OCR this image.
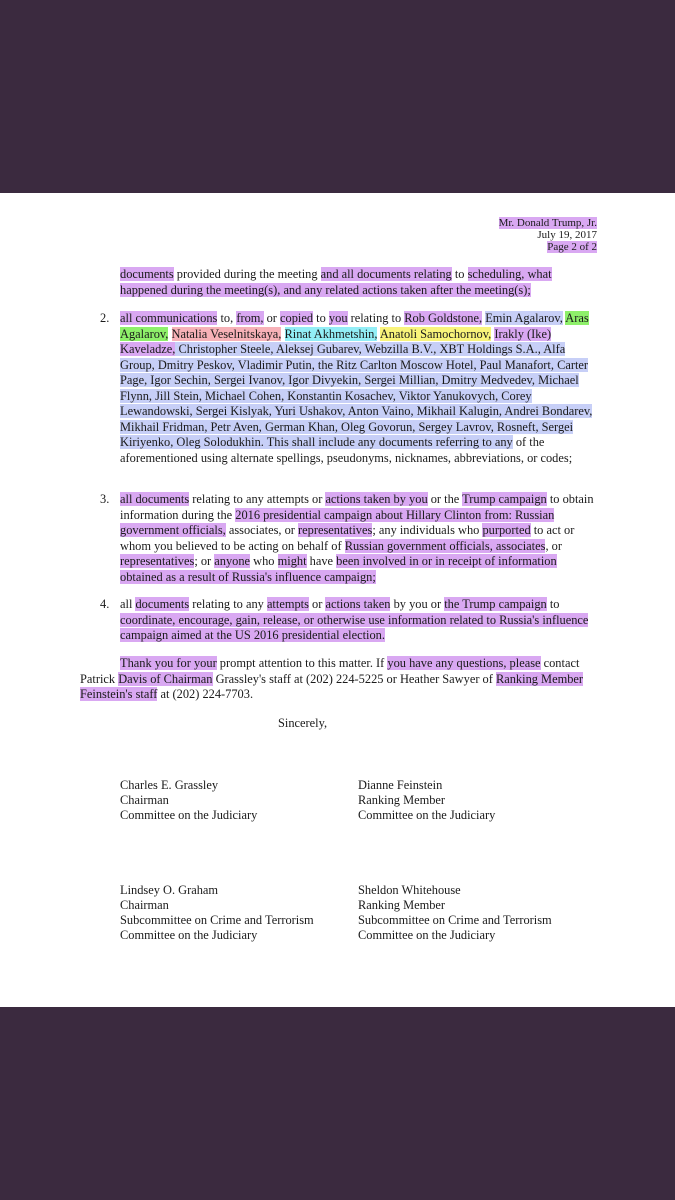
Mr. Donald Trump, Jr.
July 19, 2017
Page 2 of 2
documents provided during the meeting and all documents relating to scheduling, what happened during the meeting(s), and any related actions taken after the meeting(s);
2. all communications to, from, or copied to you relating to Rob Goldstone, Emin Agalarov, Aras Agalarov, Natalia Veselnitskaya, Rinat Akhmetshin, Anatoli Samochornov, Irakly (Ike) Kaveladze, Christopher Steele, Aleksej Gubarev, Webzilla B.V., XBT Holdings S.A., Alfa Group, Dmitry Peskov, Vladimir Putin, the Ritz Carlton Moscow Hotel, Paul Manafort, Carter Page, Igor Sechin, Sergei Ivanov, Igor Divyekin, Sergei Millian, Dmitry Medvedev, Michael Flynn, Jill Stein, Michael Cohen, Konstantin Kosachev, Viktor Yanukovych, Corey Lewandowski, Sergei Kislyak, Yuri Ushakov, Anton Vaino, Mikhail Kalugin, Andrei Bondarev, Mikhail Fridman, Petr Aven, German Khan, Oleg Govorun, Sergey Lavrov, Rosneft, Sergei Kiriyenko, Oleg Solodukhin. This shall include any documents referring to any of the aforementioned using alternate spellings, pseudonyms, nicknames, abbreviations, or codes;
3. all documents relating to any attempts or actions taken by you or the Trump campaign to obtain information during the 2016 presidential campaign about Hillary Clinton from: Russian government officials, associates, or representatives; any individuals who purported to act or whom you believed to be acting on behalf of Russian government officials, associates, or representatives; or anyone who might have been involved in or in receipt of information obtained as a result of Russia's influence campaign;
4. all documents relating to any attempts or actions taken by you or the Trump campaign to coordinate, encourage, gain, release, or otherwise use information related to Russia's influence campaign aimed at the US 2016 presidential election.
Thank you for your prompt attention to this matter. If you have any questions, please contact Patrick Davis of Chairman Grassley's staff at (202) 224-5225 or Heather Sawyer of Ranking Member Feinstein's staff at (202) 224-7703.
Sincerely,
Charles E. Grassley
Chairman
Committee on the Judiciary
Dianne Feinstein
Ranking Member
Committee on the Judiciary
Lindsey O. Graham
Chairman
Subcommittee on Crime and Terrorism
Committee on the Judiciary
Sheldon Whitehouse
Ranking Member
Subcommittee on Crime and Terrorism
Committee on the Judiciary
